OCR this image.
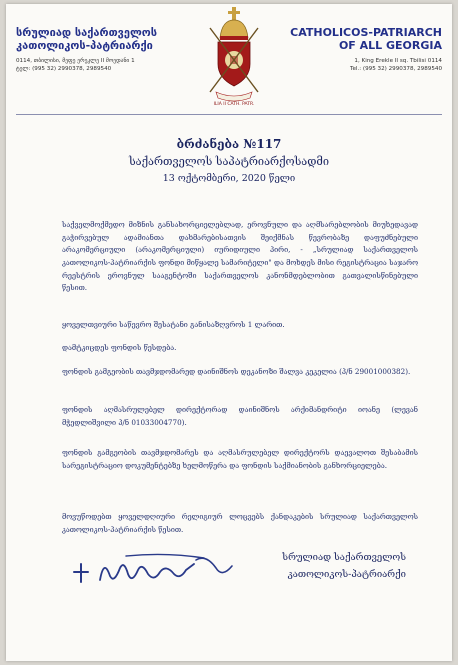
სრულიად საქართველოს
კათოლიკოს-პატრიარქი
0114, თბილისი, მეფე ერეკლე II მოედანი 1
ტელ: (995 32) 2990378, 2989540
ILIA II CATH. PATR.
CATHOLICOS-PATRIARCH
OF ALL GEORGIA
1, King Erekle II sq. Tbilisi 0114
Tel.: (995 32) 2990378, 2989540
ბრძანება №117
საქართველოს საპატრიარქოსადმი
13 ოქტომბერი, 2020 წელი

საქველმოქმედო მიზნის განსახორციელებლად, ეროვნული და აღმსარებლობის მიუხედავად გაჭირვებულ ადამიანთა დახმარებისათვის შეიქმნას წევრობაზე დაფუძნებული არაკომერციული (არაკომერციული) იურიდიული პირი, - „სრულიად საქართველოს კათოლიკოს-პატრიარქის ფონდი მიწყალე სამარიტელი" და მოხდეს მისი რეგისტრაცია საჯარო რეესტრის ეროვნულ სააგენტოში საქართველოს კანონმდებლობით გათვალისწინებული წესით.

ყოველთვიური საწევრო შესატანი განისაზღვროს 1 ლარით.

დამტკიცდეს ფონდის წესდება.

ფონდის გამგეობის თავმჯდომარედ დაინიშნოს დეკანოზი შალვა კეკელია (პ/ნ 29001000382).

ფონდის აღმასრულებელ დირექტორად დაინიშნოს არქიმანდრიტი იოანე (ლევან მჭედლიშვილი პ/ნ 01033004770).

ფონდის გამგეობის თავმჯდომარეს და აღმასრულებელ დირექტორს დაევალოთ შესაბამის სარეგისტრაციო დოკუმენტებზე ხელმოწერა და ფონდის საქმიანობის განხორციელება.

მოვუწოდებთ ყოველდღიური რელიგიურ ლოცვებს ქანდაკების სრულიად საქართველოს კათოლიკოს-პატრიარქის წესით.

სრულიად საქართველოს
კათოლიკოს-პატრიარქი
